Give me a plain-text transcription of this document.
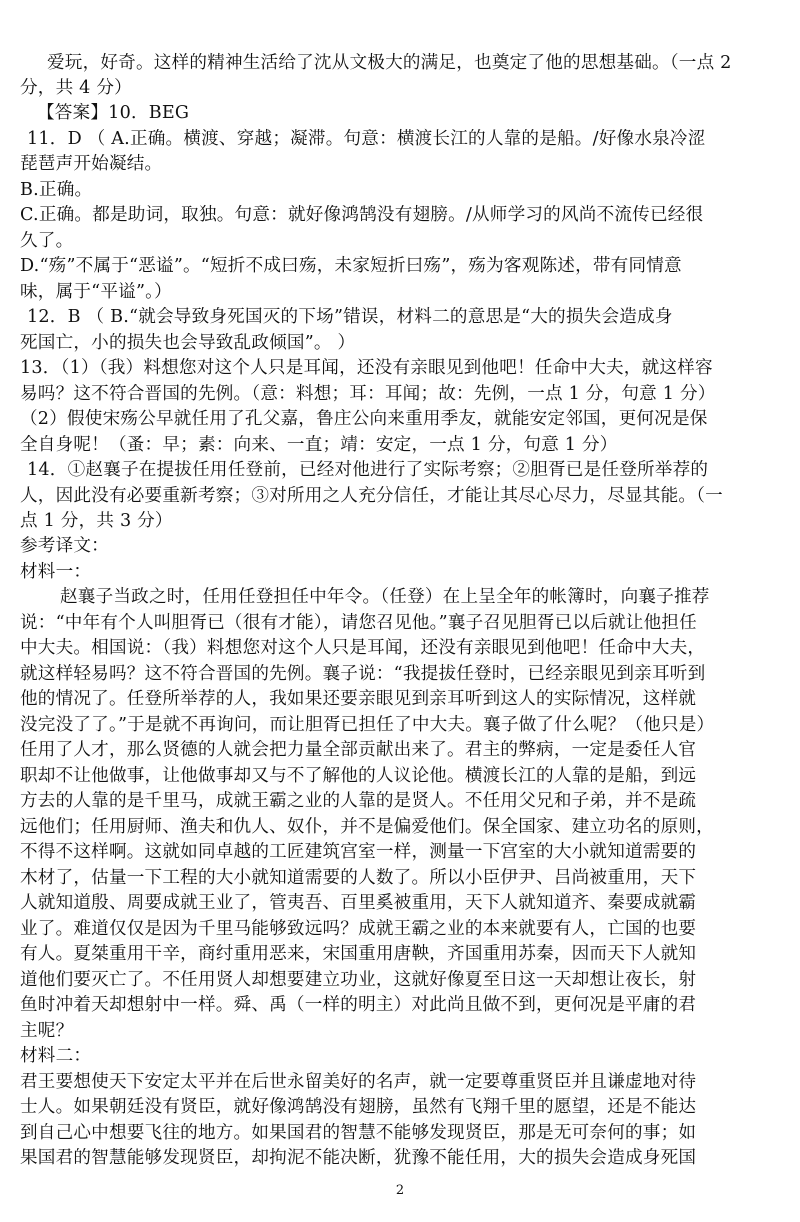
爱玩，好奇。这样的精神生活给了沈从文极大的满足，也奠定了他的思想基础。（一点 2
分，共 4 分）
【答案】10．BEG
11．D （ A.正确。横渡、穿越；凝滞。句意：横渡长江的人靠的是船。/好像水泉冷涩
琵琶声开始凝结。
B.正确。
C.正确。都是助词，取独。句意：就好像鸿鹄没有翅膀。/从师学习的风尚不流传已经很
久了。
D.“殇”不属于“恶谥”。“短折不成曰殇，未家短折曰殇”，殇为客观陈述，带有同情意
味，属于“平谥”。）
12．B （ B.“就会导致身死国灭的下场”错误，材料二的意思是“大的损失会造成身
死国亡，小的损失也会导致乱政倾国”。 ）
13．（1）（我）料想您对这个人只是耳闻，还没有亲眼见到他吧！任命中大夫，就这样容
易吗？这不符合晋国的先例。（意：料想；耳：耳闻；故：先例，一点 1 分，句意 1 分）
（2）假使宋殇公早就任用了孔父嘉，鲁庄公向来重用季友，就能安定邻国，更何况是保
全自身呢！（蚤：早；素：向来、一直；靖：安定，一点 1 分，句意 1 分）
14．①赵襄子在提拔任用任登前，已经对他进行了实际考察；②胆胥已是任登所举荐的
人，因此没有必要重新考察；③对所用之人充分信任，才能让其尽心尽力，尽显其能。（一
点 1 分，共 3 分）
参考译文：
材料一：
赵襄子当政之时，任用任登担任中年令。（任登）在上呈全年的帐簿时，向襄子推荐
说：“中年有个人叫胆胥已（很有才能），请您召见他。”襄子召见胆胥已以后就让他担任
中大夫。相国说：（我）料想您对这个人只是耳闻，还没有亲眼见到他吧！任命中大夫，
就这样轻易吗？这不符合晋国的先例。襄子说：“我提拔任登时，已经亲眼见到亲耳听到
他的情况了。任登所举荐的人，我如果还要亲眼见到亲耳听到这人的实际情况，这样就
没完没了了。”于是就不再询问，而让胆胥已担任了中大夫。襄子做了什么呢？（他只是）
任用了人才，那么贤德的人就会把力量全部贡献出来了。君主的弊病，一定是委任人官
职却不让他做事，让他做事却又与不了解他的人议论他。横渡长江的人靠的是船，到远
方去的人靠的是千里马，成就王霸之业的人靠的是贤人。不任用父兄和子弟，并不是疏
远他们；任用厨师、渔夫和仇人、奴仆，并不是偏爱他们。保全国家、建立功名的原则，
不得不这样啊。这就如同卓越的工匠建筑宫室一样，测量一下宫室的大小就知道需要的
木材了，估量一下工程的大小就知道需要的人数了。所以小臣伊尹、吕尚被重用，天下
人就知道殷、周要成就王业了，管夷吾、百里奚被重用，天下人就知道齐、秦要成就霸
业了。难道仅仅是因为千里马能够致远吗？成就王霸之业的本来就要有人，亡国的也要
有人。夏桀重用干辛，商纣重用恶来，宋国重用唐鞅，齐国重用苏秦，因而天下人就知
道他们要灭亡了。不任用贤人却想要建立功业，这就好像夏至日这一天却想让夜长，射
鱼时冲着天却想射中一样。舜、禹（一样的明主）对此尚且做不到，更何况是平庸的君
主呢？
材料二：
君王要想使天下安定太平并在后世永留美好的名声，就一定要尊重贤臣并且谦虚地对待
士人。如果朝廷没有贤臣，就好像鸿鹄没有翅膀，虽然有飞翔千里的愿望，还是不能达
到自己心中想要飞往的地方。如果国君的智慧不能够发现贤臣，那是无可奈何的事；如
果国君的智慧能够发现贤臣，却拘泥不能决断，犹豫不能任用，大的损失会造成身死国
2
